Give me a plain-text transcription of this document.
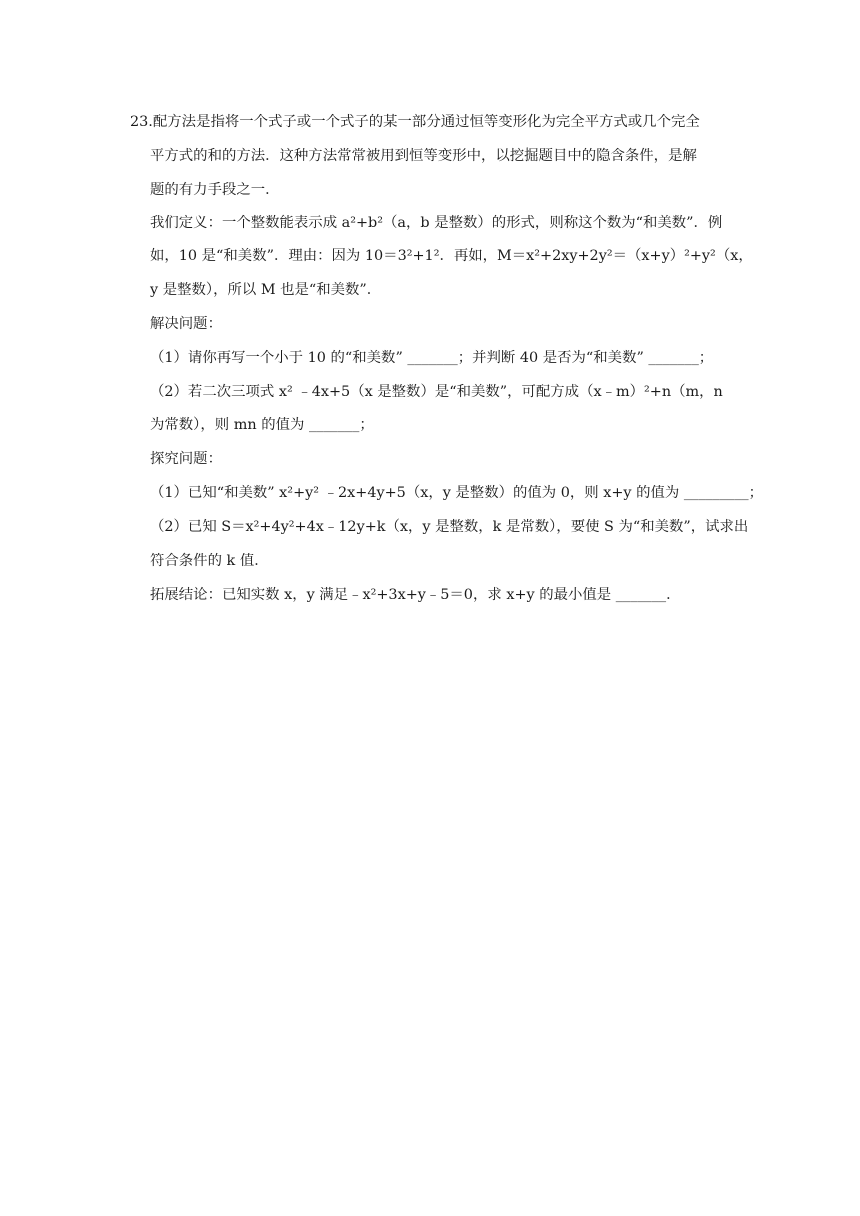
23.配方法是指将一个式子或一个式子的某一部分通过恒等变形化为完全平方式或几个完全
平方式的和的方法．这种方法常常被用到恒等变形中，以挖掘题目中的隐含条件，是解
题的有力手段之一．
我们定义：一个整数能表示成 a²+b²（a，b 是整数）的形式，则称这个数为“和美数”．例
如，10 是“和美数”．理由：因为 10＝3²+1²．再如，M＝x²+2xy+2y²＝（x+y）²+y²（x，
y 是整数），所以 M 也是“和美数”．
解决问题：
（1）请你再写一个小于 10 的“和美数” _______；并判断 40 是否为“和美数” _______；
（2）若二次三项式 x² ﹣4x+5（x 是整数）是“和美数”，可配方成（x﹣m）²+n（m，n
为常数），则 mn 的值为 _______；
探究问题：
（1）已知“和美数” x²+y² ﹣2x+4y+5（x，y 是整数）的值为 0，则 x+y 的值为 _________；
（2）已知 S＝x²+4y²+4x﹣12y+k（x，y 是整数，k 是常数），要使 S 为“和美数”，试求出
符合条件的 k 值．
拓展结论：已知实数 x，y 满足﹣x²+3x+y﹣5＝0，求 x+y 的最小值是 _______．
